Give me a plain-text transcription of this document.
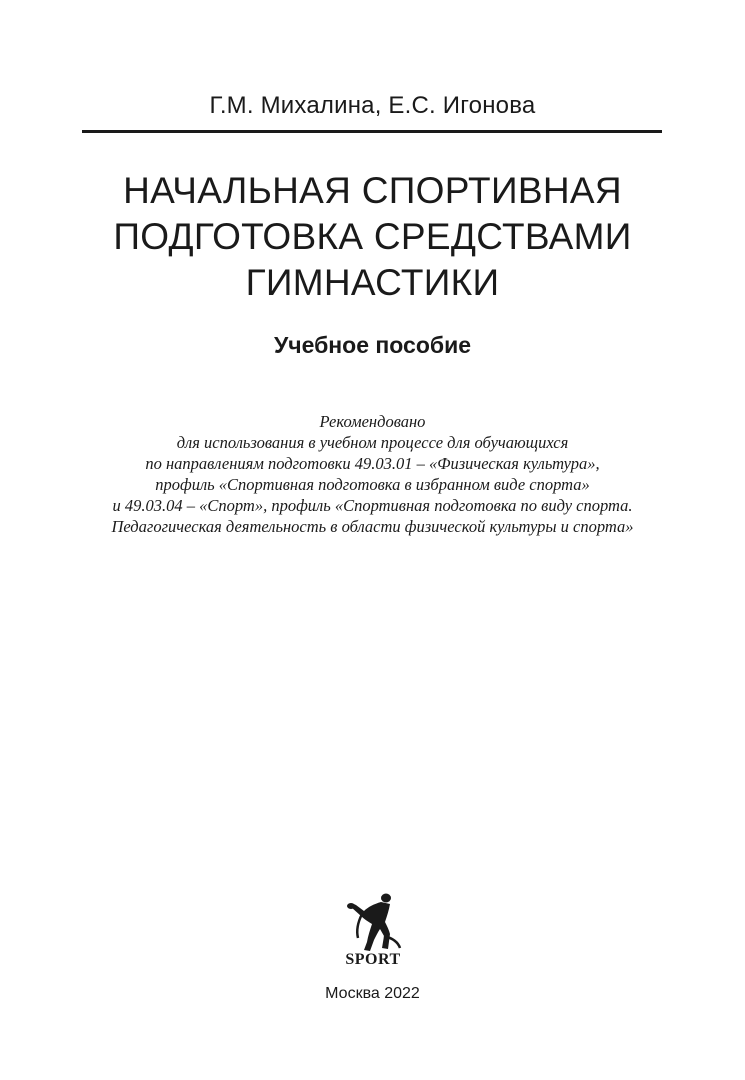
Г.М. Михалина, Е.С. Игонова
НАЧАЛЬНАЯ СПОРТИВНАЯ
ПОДГОТОВКА СРЕДСТВАМИ
ГИМНАСТИКИ
Учебное пособие
Рекомендовано
для использования в учебном процессе для обучающихся
по направлениям подготовки 49.03.01 – «Физическая культура»,
профиль «Спортивная подготовка в избранном виде спорта»
и 49.03.04 – «Спорт», профиль «Спортивная подготовка по виду спорта.
Педагогическая деятельность в области физической культуры и спорта»
SPORT
Москва 2022
